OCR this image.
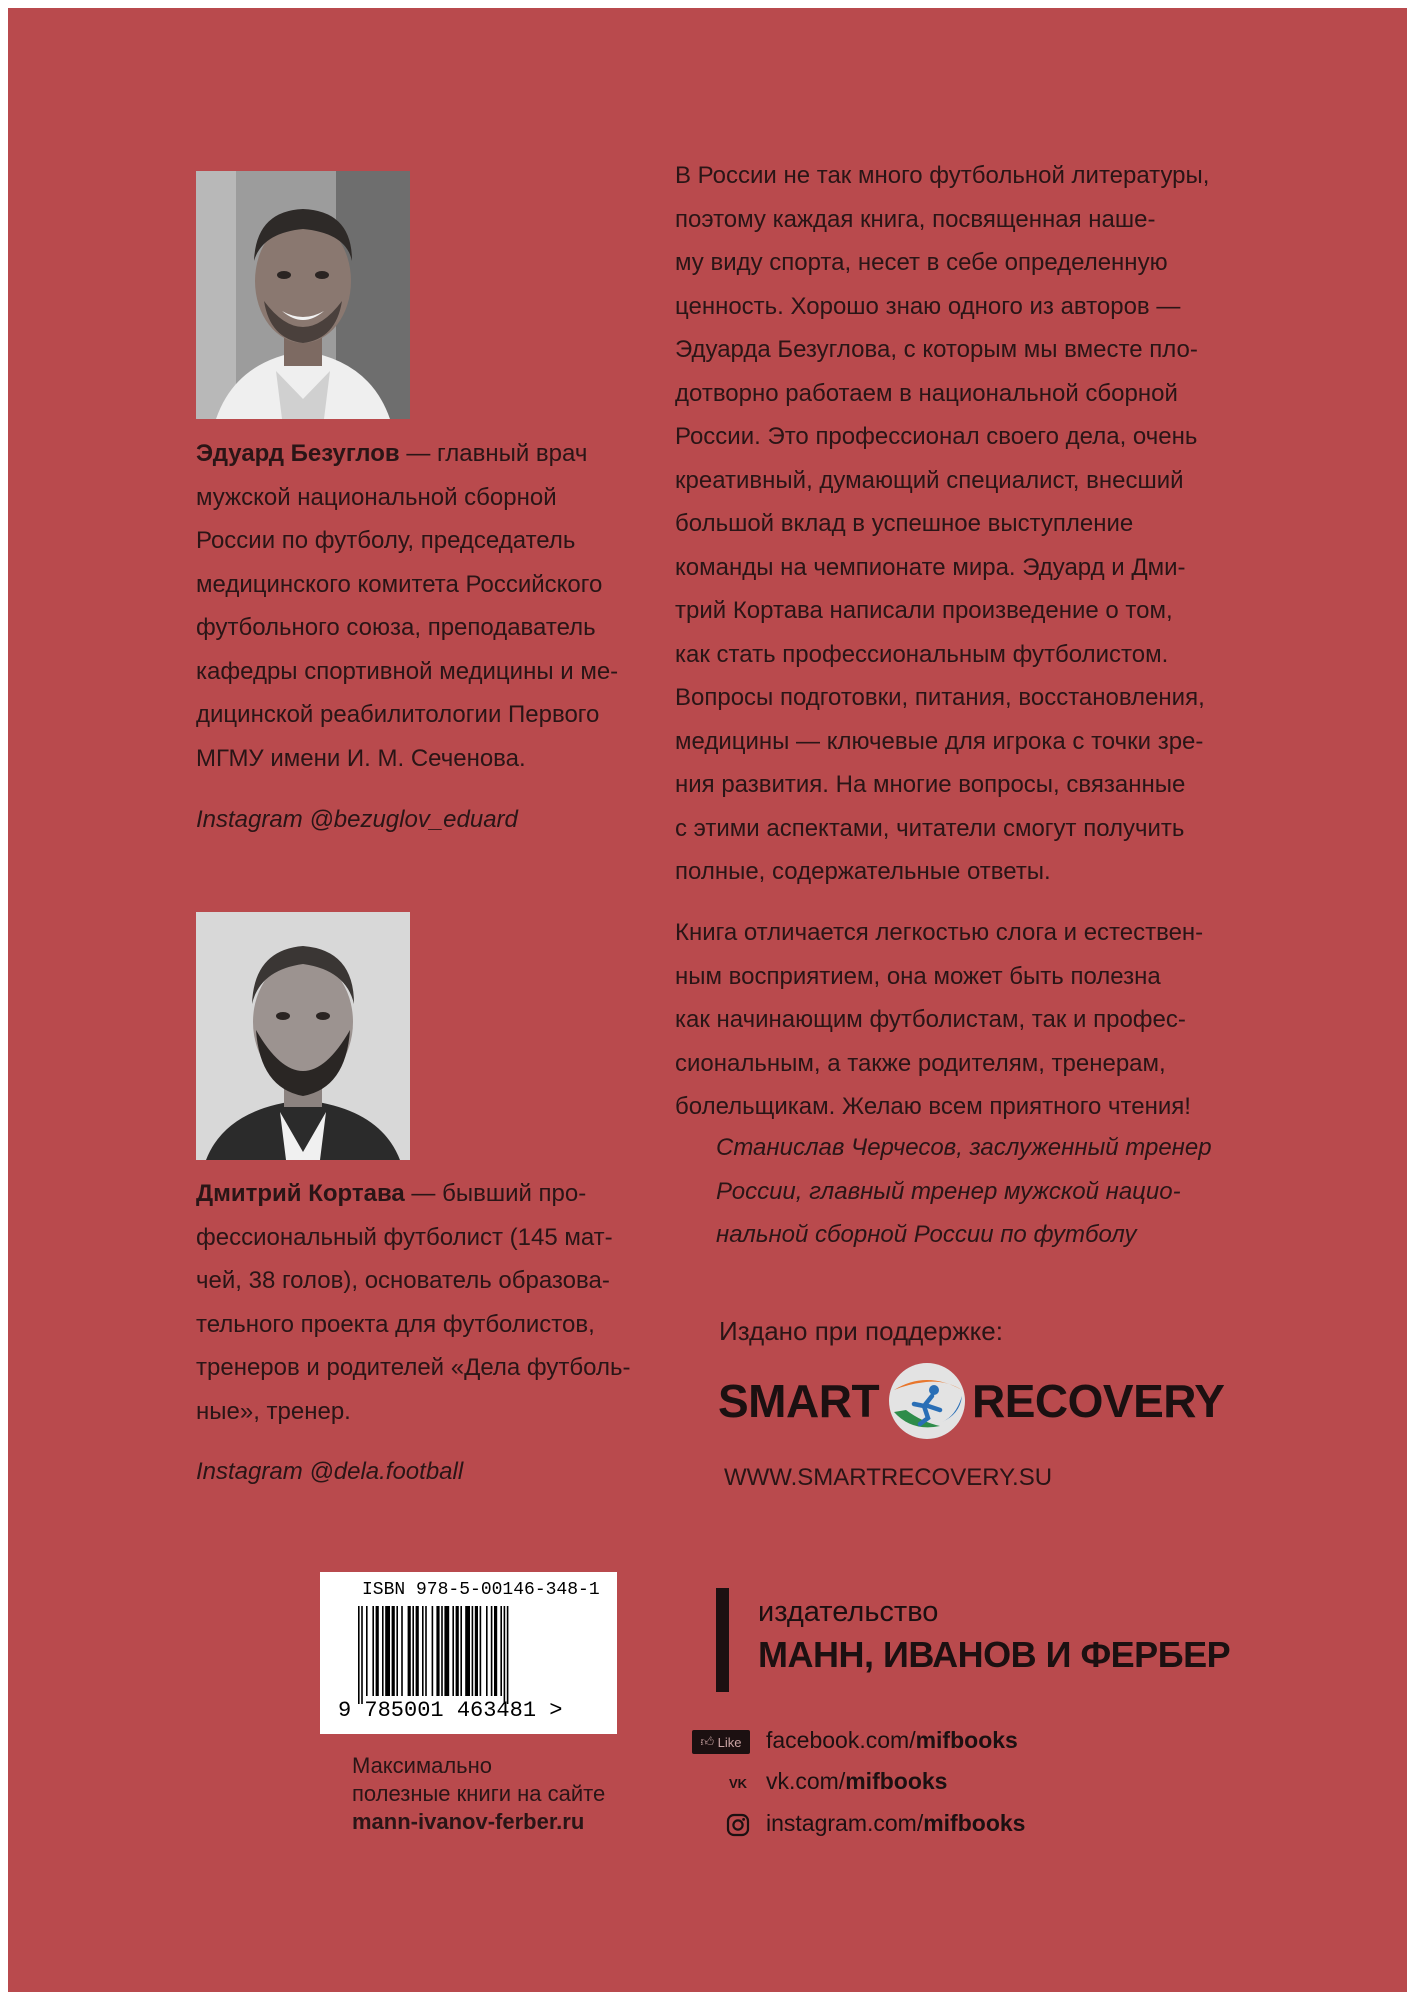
Эдуард Безуглов — главный врач
мужской национальной сборной
России по футболу, председатель
медицинского комитета Российского
футбольного союза, преподаватель
кафедры спортивной медицины и ме-
дицинской реабилитологии Первого
МГМУ имени И. М. Сеченова.

Instagram @bezuglov_eduard

Дмитрий Кортава — бывший про-
фессиональный футболист (145 мат-
чей, 38 голов), основатель образова-
тельного проекта для футболистов,
тренеров и родителей «Дела футболь-
ные», тренер.

Instagram @dela.football

В России не так много футбольной литературы,
поэтому каждая книга, посвященная наше-
му виду спорта, несет в себе определенную
ценность. Хорошо знаю одного из авторов —
Эдуарда Безуглова, с которым мы вместе пло-
дотворно работаем в национальной сборной
России. Это профессионал своего дела, очень
креативный, думающий специалист, внесший
большой вклад в успешное выступление
команды на чемпионате мира. Эдуард и Дми-
трий Кортава написали произведение о том,
как стать профессиональным футболистом.
Вопросы подготовки, питания, восстановления,
медицины — ключевые для игрока с точки зре-
ния развития. На многие вопросы, связанные
с этими аспектами, читатели смогут получить
полные, содержательные ответы.

Книга отличается легкостью слога и естествен-
ным восприятием, она может быть полезна
как начинающим футболистам, так и профес-
сиональным, а также родителям, тренерам,
болельщикам. Желаю всем приятного чтения!

Станислав Черчесов, заслуженный тренер
России, главный тренер мужской нацио-
нальной сборной России по футболу

Издано при поддержке:

SMART RECOVERY

WWW.SMARTRECOVERY.SU

ISBN 978-5-00146-348-1
9 785001 463481 >

Максимально
полезные книги на сайте
mann-ivanov-ferber.ru

издательство
МАНН, ИВАНОВ И ФЕРБЕР
👍︎ Like facebook.com/mifbooks
VK vk.com/mifbooks
instagram.com/mifbooks
